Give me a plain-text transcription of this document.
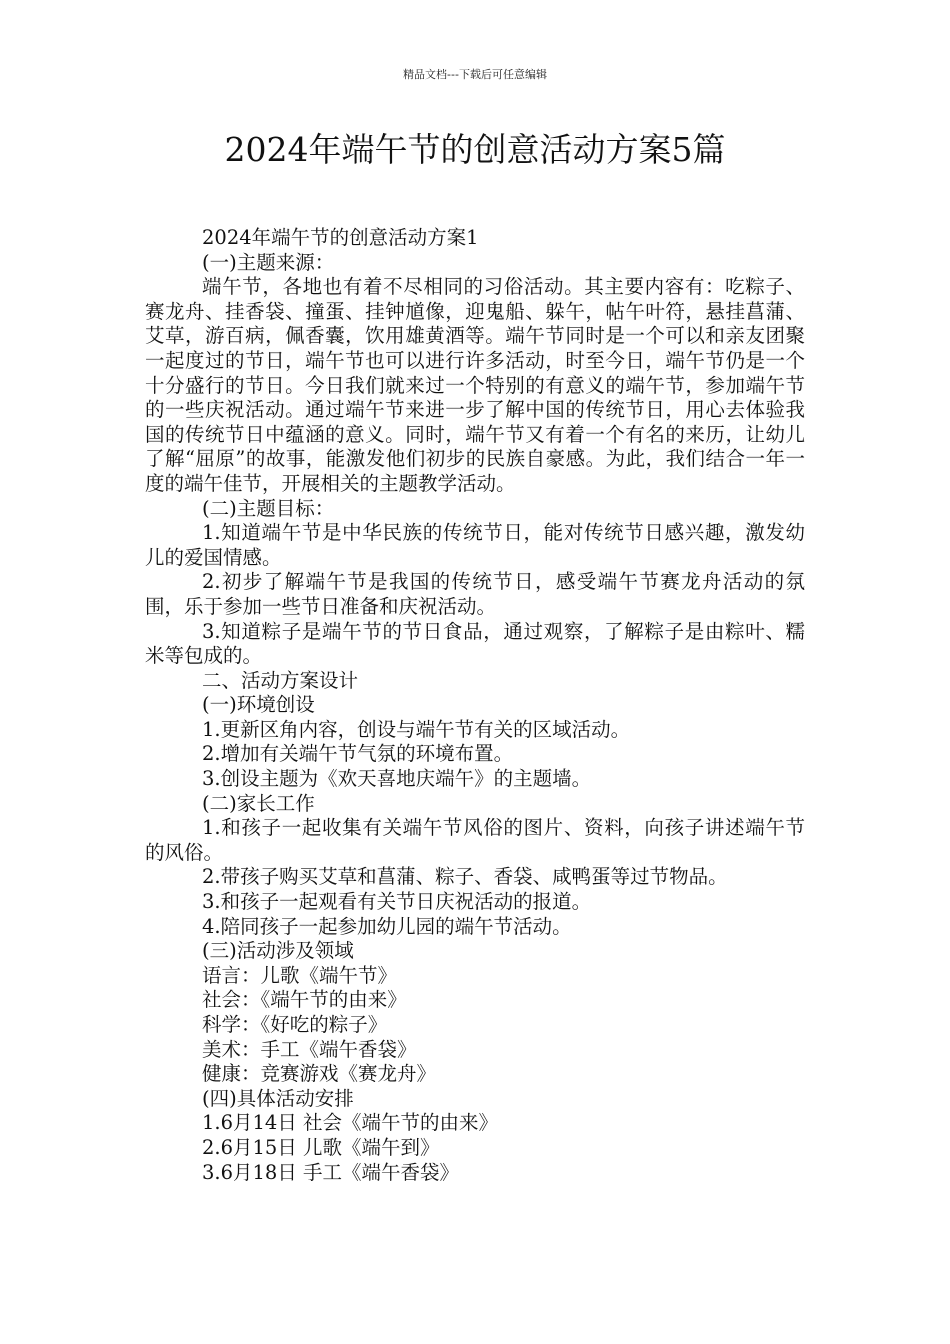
精品文档---下载后可任意编辑
2024年端午节的创意活动方案5篇

2024年端午节的创意活动方案1

(一)主题来源：

端午节，各地也有着不尽相同的习俗活动。其主要内容有：吃粽子、赛龙舟、挂香袋、撞蛋、挂钟馗像，迎鬼船、躲午，帖午叶符，悬挂菖蒲、艾草，游百病，佩香囊，饮用雄黄酒等。端午节同时是一个可以和亲友团聚一起度过的节日，端午节也可以进行许多活动，时至今日，端午节仍是一个十分盛行的节日。今日我们就来过一个特别的有意义的端午节，参加端午节的一些庆祝活动。通过端午节来进一步了解中国的传统节日，用心去体验我国的传统节日中蕴涵的意义。同时，端午节又有着一个有名的来历，让幼儿了解“屈原”的故事，能激发他们初步的民族自豪感。为此，我们结合一年一度的端午佳节，开展相关的主题教学活动。

(二)主题目标：

1.知道端午节是中华民族的传统节日，能对传统节日感兴趣，激发幼儿的爱国情感。

2.初步了解端午节是我国的传统节日，感受端午节赛龙舟活动的氛围，乐于参加一些节日准备和庆祝活动。

3.知道粽子是端午节的节日食品，通过观察，了解粽子是由粽叶、糯米等包成的。

二、活动方案设计

(一)环境创设

1.更新区角内容，创设与端午节有关的区域活动。

2.增加有关端午节气氛的环境布置。

3.创设主题为《欢天喜地庆端午》的主题墙。

(二)家长工作

1.和孩子一起收集有关端午节风俗的图片、资料，向孩子讲述端午节的风俗。

2.带孩子购买艾草和菖蒲、粽子、香袋、咸鸭蛋等过节物品。

3.和孩子一起观看有关节日庆祝活动的报道。

4.陪同孩子一起参加幼儿园的端午节活动。

(三)活动涉及领域

语言：儿歌《端午节》

社会：《端午节的由来》

科学：《好吃的粽子》

美术：手工《端午香袋》

健康：竞赛游戏《赛龙舟》

(四)具体活动安排

1.6月14日 社会《端午节的由来》

2.6月15日 儿歌《端午到》

3.6月18日 手工《端午香袋》
